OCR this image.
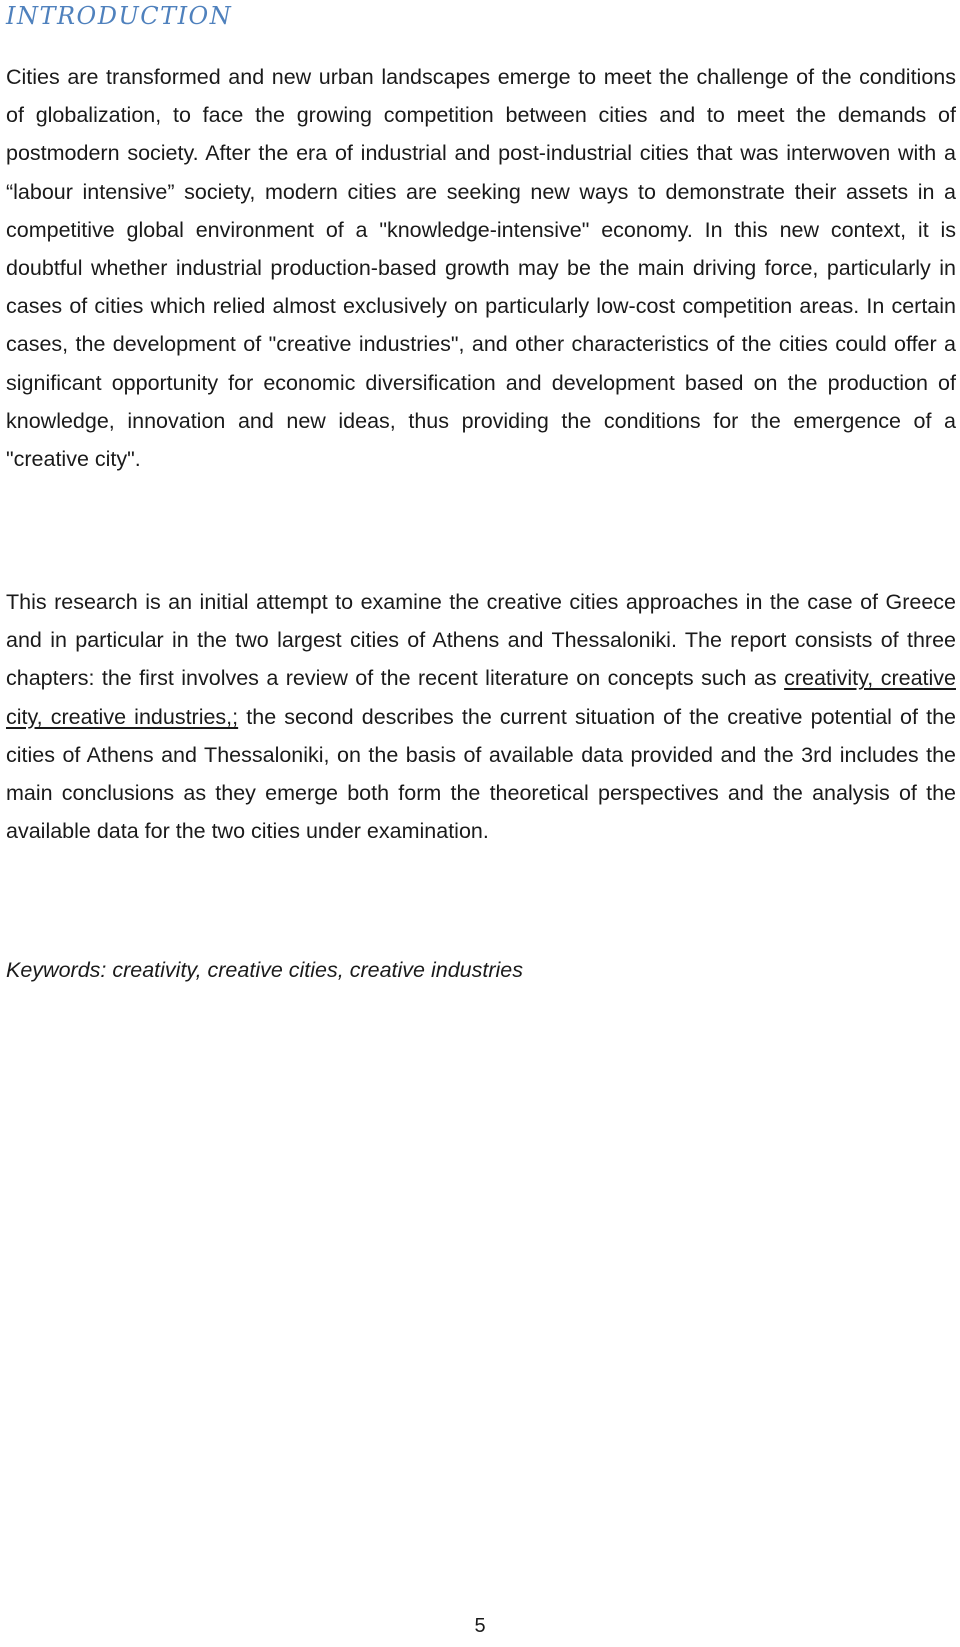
INTRODUCTION

Cities are transformed and new urban landscapes emerge to meet the challenge of the conditions of globalization, to face the growing competition between cities and to meet the demands of postmodern society. After the era of industrial and post-industrial cities that was interwoven with a “labour intensive” society, modern cities are seeking new ways to demonstrate their assets in a competitive global environment of a "knowledge-intensive" economy. In this new context, it is doubtful whether industrial production-based growth may be the main driving force, particularly in cases of cities which relied almost exclusively on particularly low-cost competition areas. In certain cases, the development of "creative industries", and other characteristics of the cities could offer a significant opportunity for economic diversification and development based on the production of knowledge, innovation and new ideas, thus providing the conditions for the emergence of a "creative city".

This research is an initial attempt to examine the creative cities approaches in the case of Greece and in particular in the two largest cities of Athens and Thessaloniki. The report consists of three chapters: the first involves a review of the recent literature on concepts such as creativity, creative city, creative industries,; the second describes the current situation of the creative potential of the cities of Athens and Thessaloniki, on the basis of available data provided and the 3rd includes the main conclusions as they emerge both form the theoretical perspectives and the analysis of the available data for the two cities under examination.

Keywords: creativity, creative cities, creative industries

5
